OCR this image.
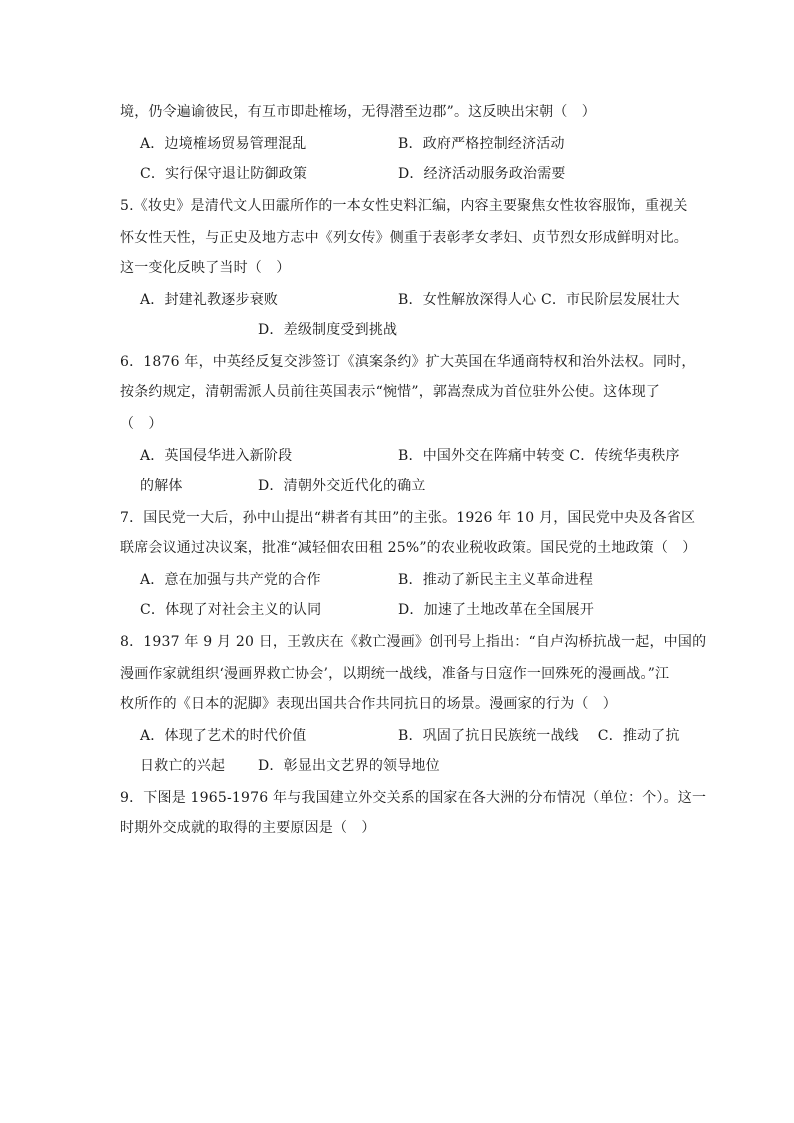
境，仍令遍谕彼民，有互市即赴榷场，无得潜至边郡”。这反映出宋朝（　）
A．边境榷场贸易管理混乱	B．政府严格控制经济活动
C．实行保守退让防御政策	D．经济活动服务政治需要
5.《妆史》是清代文人田霢所作的一本女性史料汇编，内容主要聚焦女性妆容服饰，重视关
怀女性天性，与正史及地方志中《列女传》侧重于表彰孝女孝妇、贞节烈女形成鲜明对比。
这一变化反映了当时（　）
A．封建礼教逐步衰败	B．女性解放深得人心 C．市民阶层发展壮大
D．差级制度受到挑战
6．1876 年，中英经反复交涉签订《滇案条约》扩大英国在华通商特权和治外法权。同时，
按条约规定，清朝需派人员前往英国表示“惋惜”，郭嵩焘成为首位驻外公使。这体现了
（　）
A．英国侵华进入新阶段	B．中国外交在阵痛中转变 C．传统华夷秩序
的解体	D．清朝外交近代化的确立
7．国民党一大后，孙中山提出“耕者有其田”的主张。1926 年 10 月，国民党中央及各省区
联席会议通过决议案，批准“减轻佃农田租 25%”的农业税收政策。国民党的土地政策（　）
A．意在加强与共产党的合作	B．推动了新民主主义革命进程
C．体现了对社会主义的认同	D．加速了土地改革在全国展开
8．1937 年 9 月 20 日，王敦庆在《救亡漫画》创刊号上指出：“自卢沟桥抗战一起，中国的
漫画作家就组织‘漫画界救亡协会’，以期统一战线，准备与日寇作一回殊死的漫画战。”江
枚所作的《日本的泥脚》表现出国共合作共同抗日的场景。漫画家的行为（　）
A．体现了艺术的时代价值	B．巩固了抗日民族统一战线　 C．推动了抗
日救亡的兴起 D．彰显出文艺界的领导地位
9．下图是 1965-1976 年与我国建立外交关系的国家在各大洲的分布情况（单位：个）。这一
时期外交成就的取得的主要原因是（　）
